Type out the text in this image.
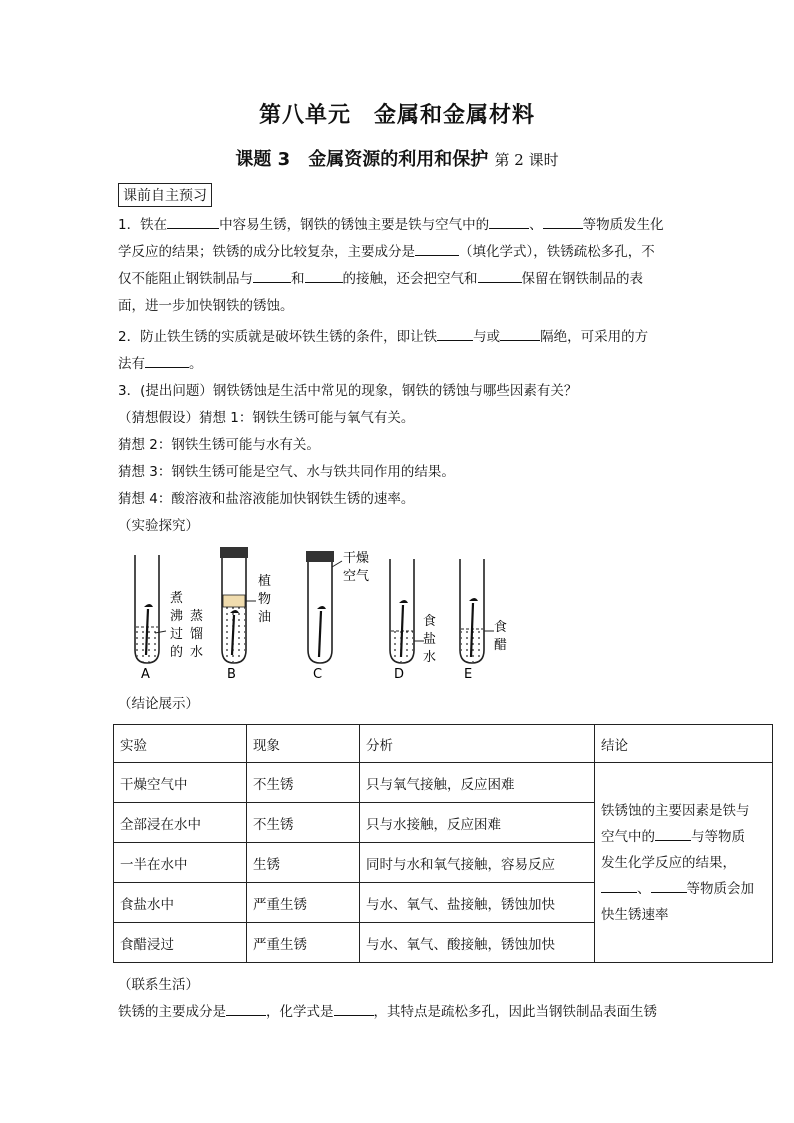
第八单元　金属和金属材料
课题 3　金属资源的利用和保护 第 2 课时
课前自主预习
1．铁在	中容易生锈，钢铁的锈蚀主要是铁与空气中的	、	等物质发生化
学反应的结果；铁锈的成分比较复杂，主要成分是	（填化学式），铁锈疏松多孔，不
仅不能阻止钢铁制品与	和	的接触，还会把空气和	保留在钢铁制品的表
面，进一步加快钢铁的锈蚀。
2．防止铁生锈的实质就是破坏铁生锈的条件，即让铁	与或	隔绝，可采用的方
法有	。
3．(提出问题）钢铁锈蚀是生活中常见的现象，钢铁的锈蚀与哪些因素有关？
（猜想假设）猜想 1：钢铁生锈可能与氧气有关。
猜想 2：钢铁生锈可能与水有关。
猜想 3：钢铁生锈可能是空气、水与铁共同作用的结果。
猜想 4：酸溶液和盐溶液能加快钢铁生锈的速率。
（实验探究）
A
煮
沸
过
的
B
蒸
馏
水
植
物
油
C
干燥
空气
D
食
盐
水
E
食
醋
（结论展示）
实验	现象	分析	结论
干燥空气中	不生锈	只与氧气接触，反应困难	铁锈蚀的主要因素是铁与
空气中的 与等物质
发生化学反应的结果，
、 等物质会加
快生锈速率

全部浸在水中	不生锈	只与水接触，反应困难	
一半在水中	生锈	同时与水和氧气接触，容易反应	
食盐水中	严重生锈	与水、氧气、盐接触，锈蚀加快	
食醋浸过	严重生锈	与水、氧气、酸接触，锈蚀加快	
（联系生活）
铁锈的主要成分是	，化学式是	，其特点是疏松多孔，因此当钢铁制品表面生锈
